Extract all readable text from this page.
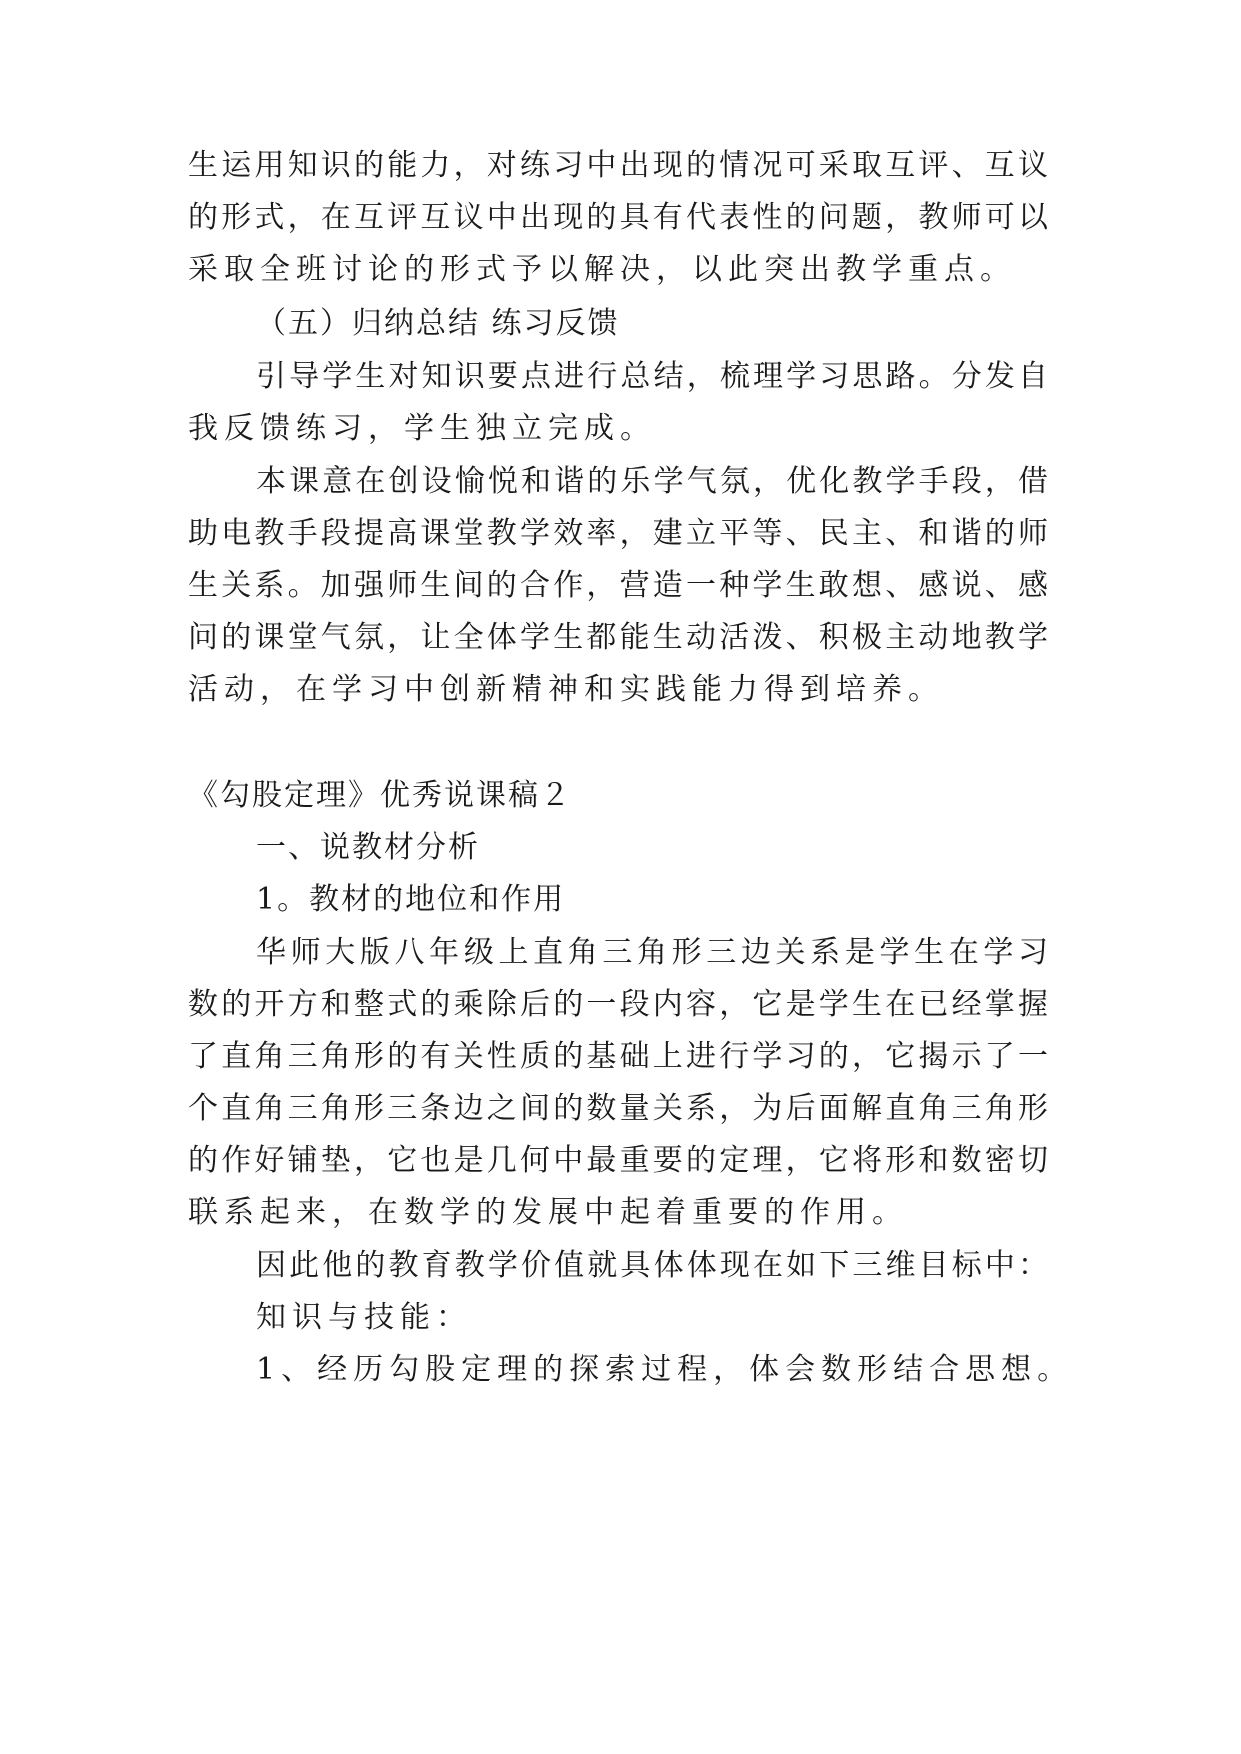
生运用知识的能力，对练习中出现的情况可采取互评、互议
的形式，在互评互议中出现的具有代表性的问题，教师可以
采取全班讨论的形式予以解决，以此突出教学重点。
（五）归纳总结 练习反馈
引导学生对知识要点进行总结，梳理学习思路。分发自
我反馈练习，学生独立完成。
本课意在创设愉悦和谐的乐学气氛，优化教学手段，借
助电教手段提高课堂教学效率，建立平等、民主、和谐的师
生关系。加强师生间的合作，营造一种学生敢想、感说、感
问的课堂气氛，让全体学生都能生动活泼、积极主动地教学
活动，在学习中创新精神和实践能力得到培养。
《勾股定理》优秀说课稿２
一、说教材分析
1。教材的地位和作用
华师大版八年级上直角三角形三边关系是学生在学习
数的开方和整式的乘除后的一段内容，它是学生在已经掌握
了直角三角形的有关性质的基础上进行学习的，它揭示了一
个直角三角形三条边之间的数量关系，为后面解直角三角形
的作好铺垫，它也是几何中最重要的定理，它将形和数密切
联系起来，在数学的发展中起着重要的作用。
因此他的教育教学价值就具体体现在如下三维目标中：
知识与技能：
1、经历勾股定理的探索过程，体会数形结合思想。
